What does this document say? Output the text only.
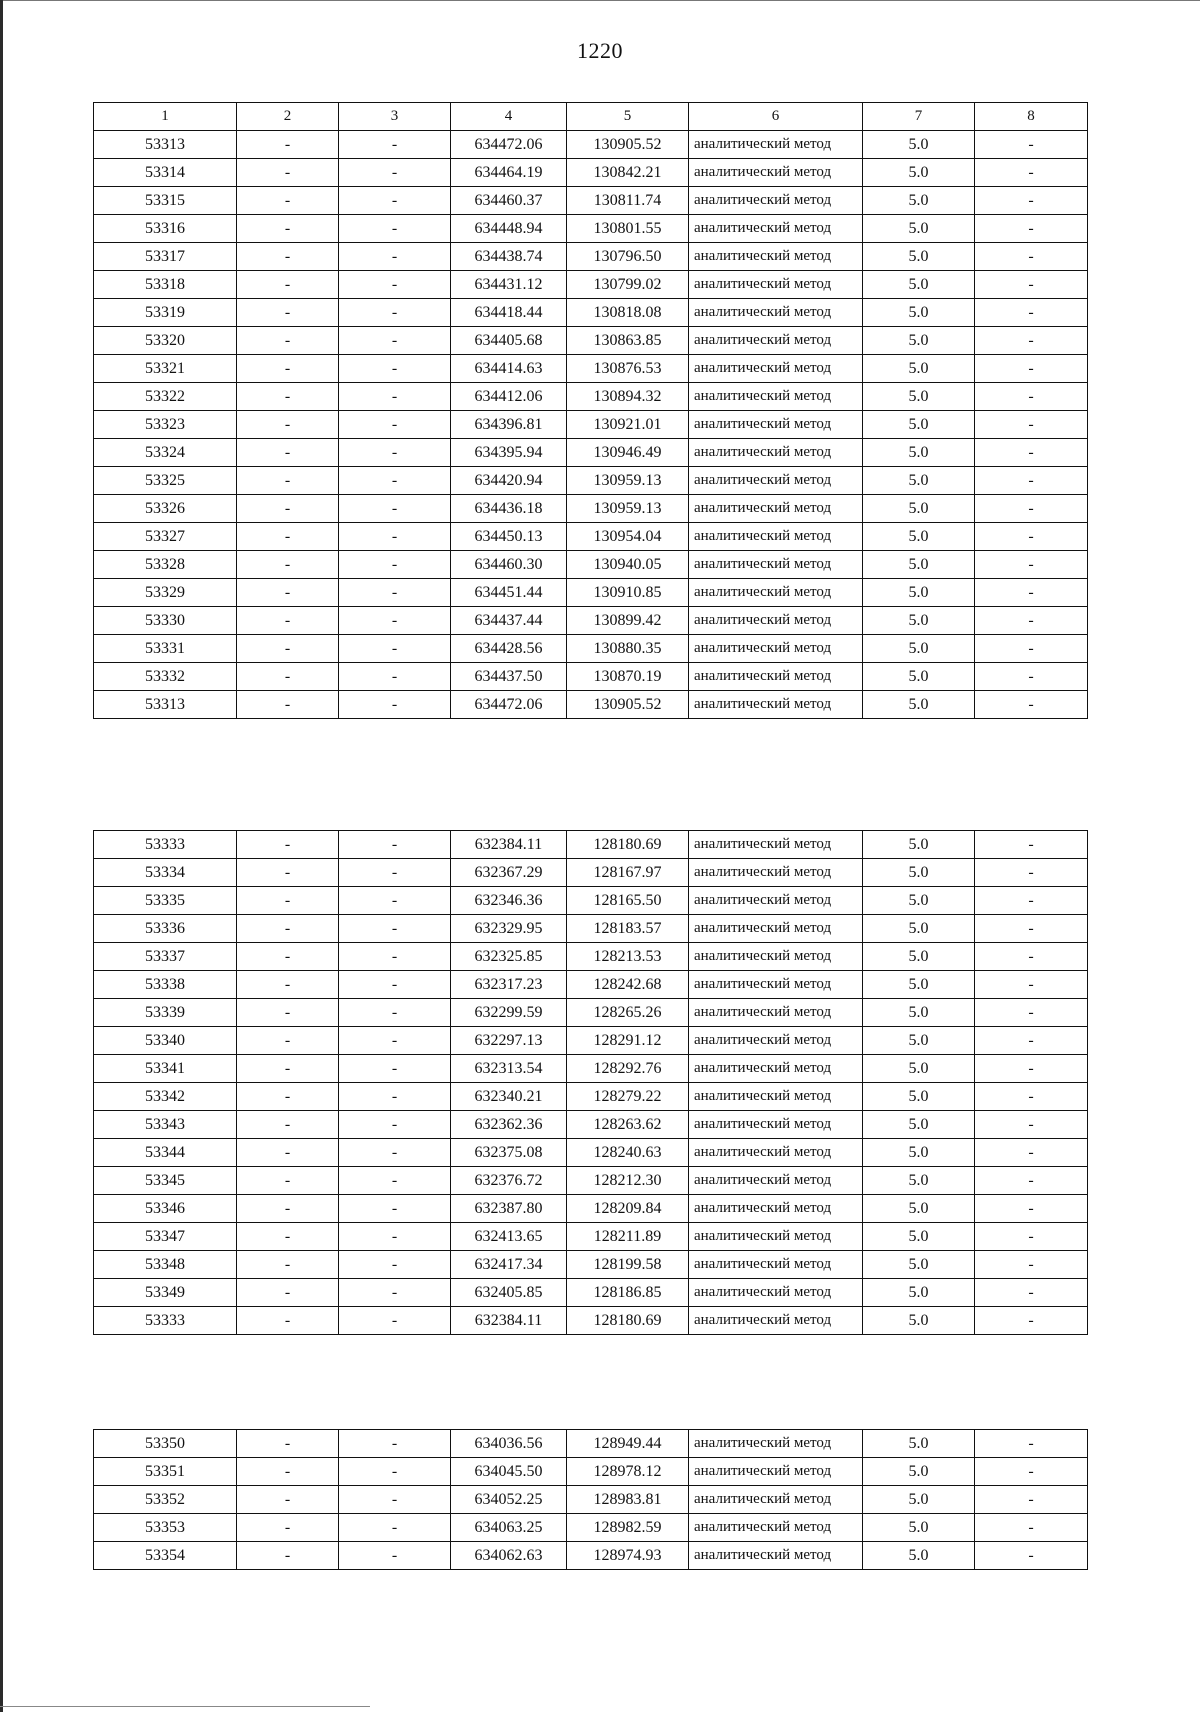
1220
1	2	3	4	5	6	7	8
53313	-	-	634472.06	130905.52	аналитический метод	5.0	-
53314	-	-	634464.19	130842.21	аналитический метод	5.0	-
53315	-	-	634460.37	130811.74	аналитический метод	5.0	-
53316	-	-	634448.94	130801.55	аналитический метод	5.0	-
53317	-	-	634438.74	130796.50	аналитический метод	5.0	-
53318	-	-	634431.12	130799.02	аналитический метод	5.0	-
53319	-	-	634418.44	130818.08	аналитический метод	5.0	-
53320	-	-	634405.68	130863.85	аналитический метод	5.0	-
53321	-	-	634414.63	130876.53	аналитический метод	5.0	-
53322	-	-	634412.06	130894.32	аналитический метод	5.0	-
53323	-	-	634396.81	130921.01	аналитический метод	5.0	-
53324	-	-	634395.94	130946.49	аналитический метод	5.0	-
53325	-	-	634420.94	130959.13	аналитический метод	5.0	-
53326	-	-	634436.18	130959.13	аналитический метод	5.0	-
53327	-	-	634450.13	130954.04	аналитический метод	5.0	-
53328	-	-	634460.30	130940.05	аналитический метод	5.0	-
53329	-	-	634451.44	130910.85	аналитический метод	5.0	-
53330	-	-	634437.44	130899.42	аналитический метод	5.0	-
53331	-	-	634428.56	130880.35	аналитический метод	5.0	-
53332	-	-	634437.50	130870.19	аналитический метод	5.0	-
53313	-	-	634472.06	130905.52	аналитический метод	5.0	-
53333	-	-	632384.11	128180.69	аналитический метод	5.0	-
53334	-	-	632367.29	128167.97	аналитический метод	5.0	-
53335	-	-	632346.36	128165.50	аналитический метод	5.0	-
53336	-	-	632329.95	128183.57	аналитический метод	5.0	-
53337	-	-	632325.85	128213.53	аналитический метод	5.0	-
53338	-	-	632317.23	128242.68	аналитический метод	5.0	-
53339	-	-	632299.59	128265.26	аналитический метод	5.0	-
53340	-	-	632297.13	128291.12	аналитический метод	5.0	-
53341	-	-	632313.54	128292.76	аналитический метод	5.0	-
53342	-	-	632340.21	128279.22	аналитический метод	5.0	-
53343	-	-	632362.36	128263.62	аналитический метод	5.0	-
53344	-	-	632375.08	128240.63	аналитический метод	5.0	-
53345	-	-	632376.72	128212.30	аналитический метод	5.0	-
53346	-	-	632387.80	128209.84	аналитический метод	5.0	-
53347	-	-	632413.65	128211.89	аналитический метод	5.0	-
53348	-	-	632417.34	128199.58	аналитический метод	5.0	-
53349	-	-	632405.85	128186.85	аналитический метод	5.0	-
53333	-	-	632384.11	128180.69	аналитический метод	5.0	-
53350	-	-	634036.56	128949.44	аналитический метод	5.0	-
53351	-	-	634045.50	128978.12	аналитический метод	5.0	-
53352	-	-	634052.25	128983.81	аналитический метод	5.0	-
53353	-	-	634063.25	128982.59	аналитический метод	5.0	-
53354	-	-	634062.63	128974.93	аналитический метод	5.0	-
